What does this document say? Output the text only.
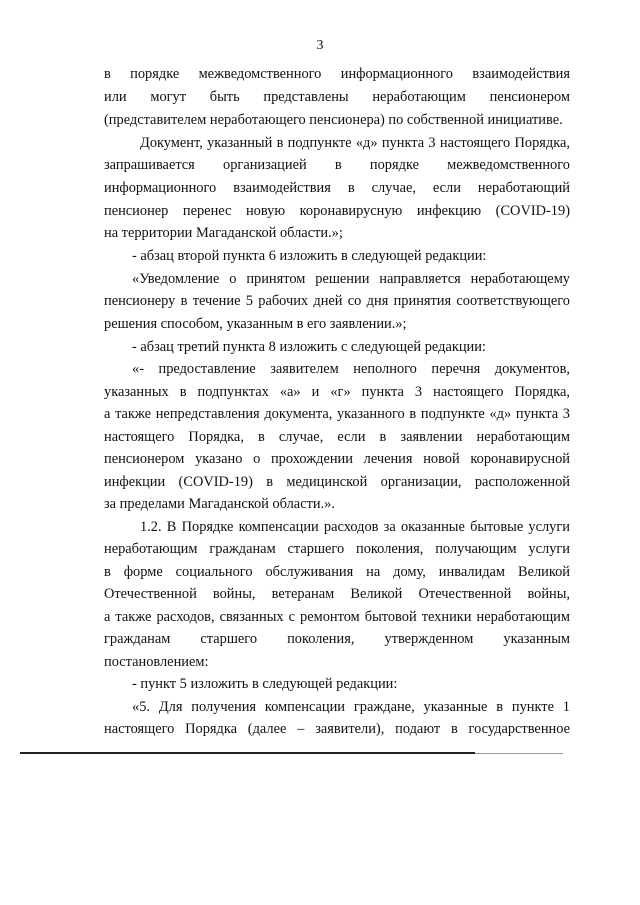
3
в порядке межведомственного информационного взаимодействия
или могут быть представлены неработающим пенсионером
(представителем неработающего пенсионера) по собственной инициативе.
Документ, указанный в подпункте «д» пункта 3 настоящего Порядка,
запрашивается организацией в порядке межведомственного
информационного взаимодействия в случае, если неработающий
пенсионер перенес новую коронавирусную инфекцию (COVID-19)
на территории Магаданской области.»;
- абзац второй пункта 6 изложить в следующей редакции:
«Уведомление о принятом решении направляется неработающему
пенсионеру в течение 5 рабочих дней со дня принятия соответствующего
решения способом, указанным в его заявлении.»;
- абзац третий пункта 8 изложить с следующей редакции:
«- предоставление заявителем неполного перечня документов,
указанных в подпунктах «а» и «г» пункта 3 настоящего Порядка,
а также непредставления документа, указанного в подпункте «д» пункта 3
настоящего Порядка, в случае, если в заявлении неработающим
пенсионером указано о прохождении лечения новой коронавирусной
инфекции (COVID-19) в медицинской организации, расположенной
за пределами Магаданской области.».
1.2. В Порядке компенсации расходов за оказанные бытовые услуги
неработающим гражданам старшего поколения, получающим услуги
в форме социального обслуживания на дому, инвалидам Великой
Отечественной войны, ветеранам Великой Отечественной войны,
а также расходов, связанных с ремонтом бытовой техники неработающим
гражданам старшего поколения, утвержденном указанным
постановлением:
- пункт 5 изложить в следующей редакции:
«5. Для получения компенсации граждане, указанные в пункте 1
настоящего Порядка (далее – заявители), подают в государственное
